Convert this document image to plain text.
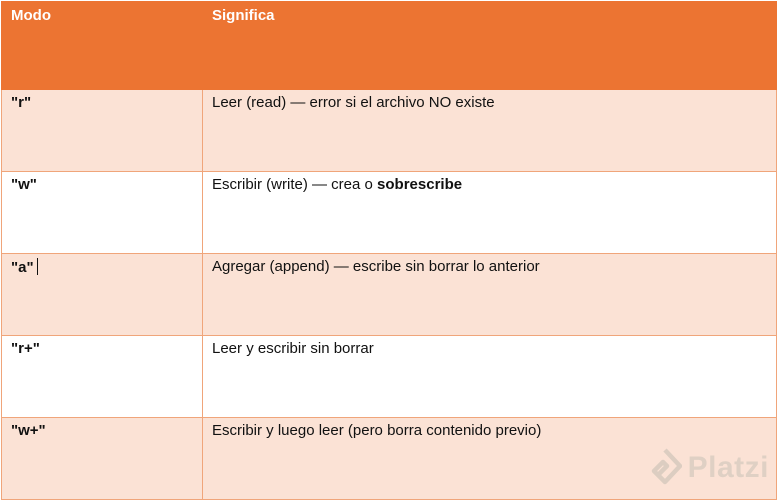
Modo	Significa
"r"	Leer (read) — error si el archivo NO existe
"w"	Escribir (write) — crea o sobrescribe
"a"	Agregar (append) — escribe sin borrar lo anterior
"r+"	Leer y escribir sin borrar
"w+"	Escribir y luego leer (pero borra contenido previo)
Platzi
